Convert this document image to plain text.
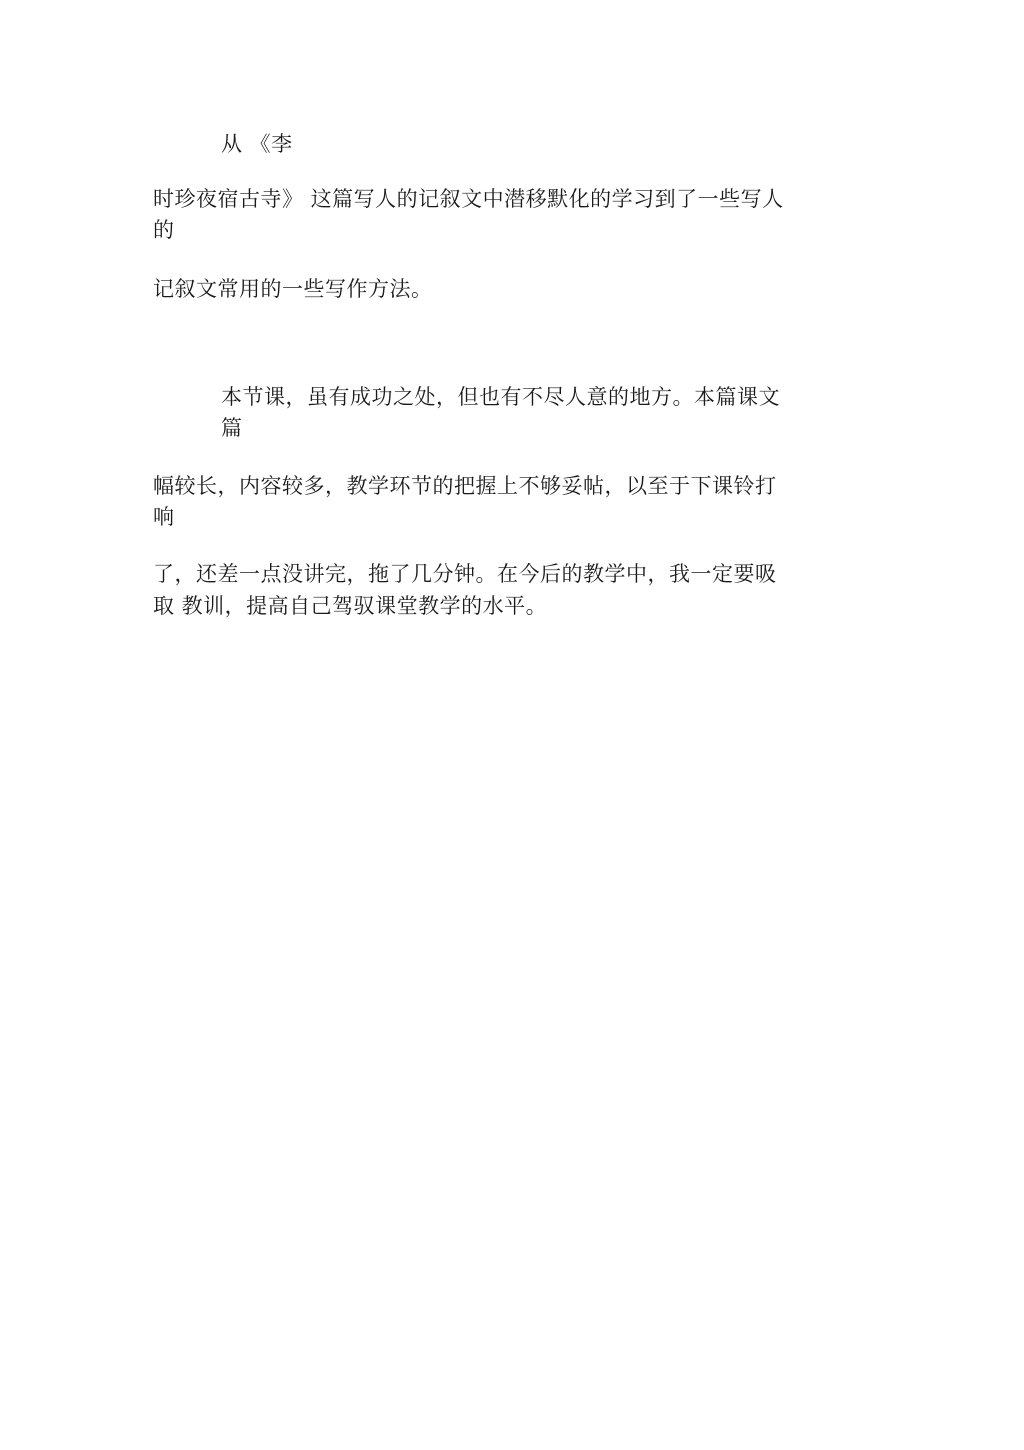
从 《李
时珍夜宿古寺》 这篇写人的记叙文中潜移默化的学习到了一些写人
的
记叙文常用的一些写作方法。
本节课，虽有成功之处，但也有不尽人意的地方。本篇课文
篇
幅较长，内容较多，教学环节的把握上不够妥帖，以至于下课铃打
响
了，还差一点没讲完，拖了几分钟。在今后的教学中，我一定要吸
取 教训，提高自己驾驭课堂教学的水平。
